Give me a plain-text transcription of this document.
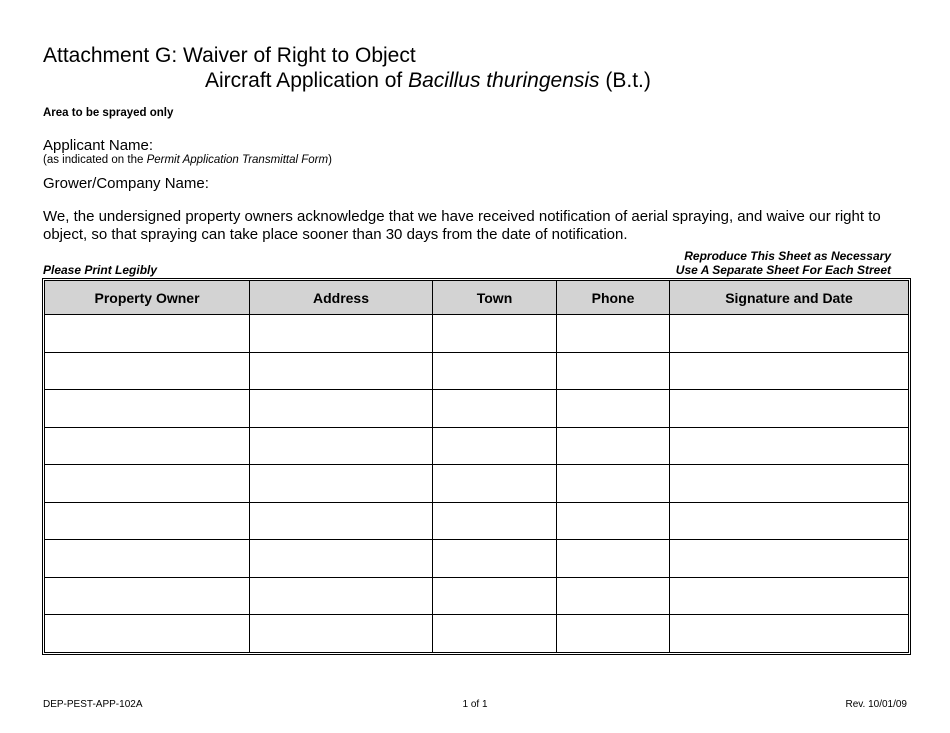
Attachment G: Waiver of Right to Object
Aircraft Application of Bacillus thuringensis (B.t.)
Area to be sprayed only
Applicant Name:
(as indicated on the Permit Application Transmittal Form)
Grower/Company Name:
We, the undersigned property owners acknowledge that we have received notification of aerial spraying, and waive our right to object, so that spraying can take place sooner than 30 days from the date of notification.
Please Print Legibly
Reproduce This Sheet as Necessary
Use A Separate Sheet For Each Street
Property Owner	Address	Town	Phone	Signature and Date

DEP-PEST-APP-102A	1 of 1	Rev. 10/01/09
